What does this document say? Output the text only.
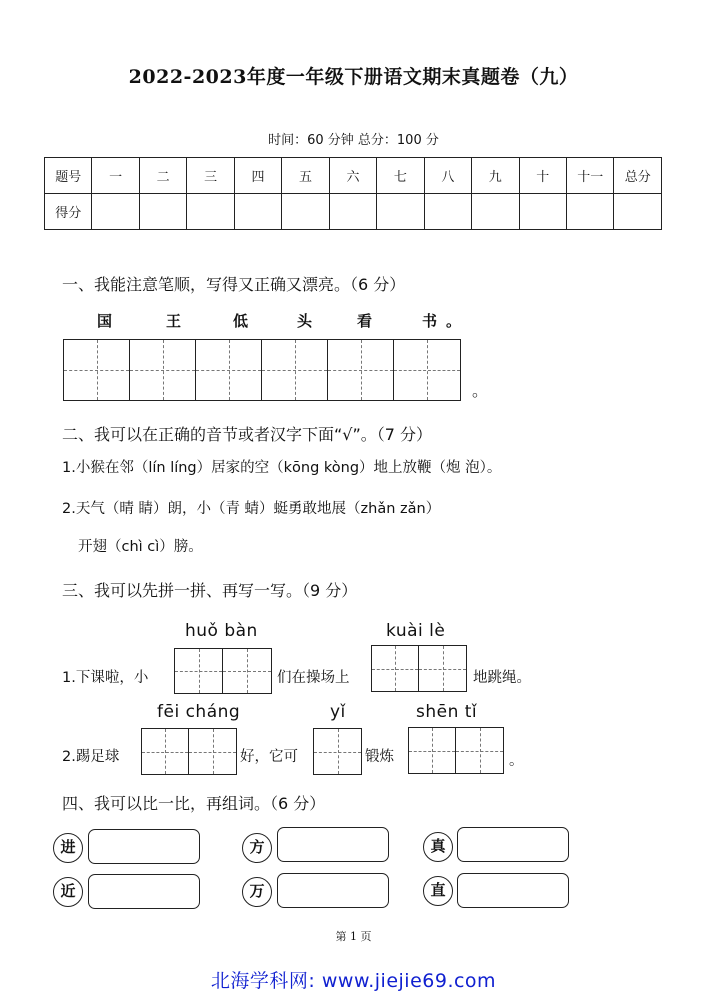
2022-2023年度一年级下册语文期末真题卷（九）
时间：60 分钟 总分：100 分
题号	一	二	三	四	五	六	七	八	九	十	十一	总分
得分												
一、我能注意笔顺，写得又正确又漂亮。（6 分）
国	王	低	头	看	书 。
。
二、我可以在正确的音节或者汉字下面“√”。（7 分）
1.小猴在邻（lín líng）居家的空（kōng kòng）地上放鞭（炮 泡）。
2.天气（晴 睛）朗，小（青 蜻）蜓勇敢地展（zhǎn zǎn）
开翅（chì cì）膀。
三、我可以先拼一拼、再写一写。（9 分）
huǒ bàn	kuài lè
1.下课啦，小	们在操场上	地跳绳。
fēi cháng	yǐ	shēn tǐ
2.踢足球	好，它可	锻炼	。
四、我可以比一比，再组词。（6 分）
进	方	真
近	万	直
第 1 页
北海学科网: www.jiejie69.com
